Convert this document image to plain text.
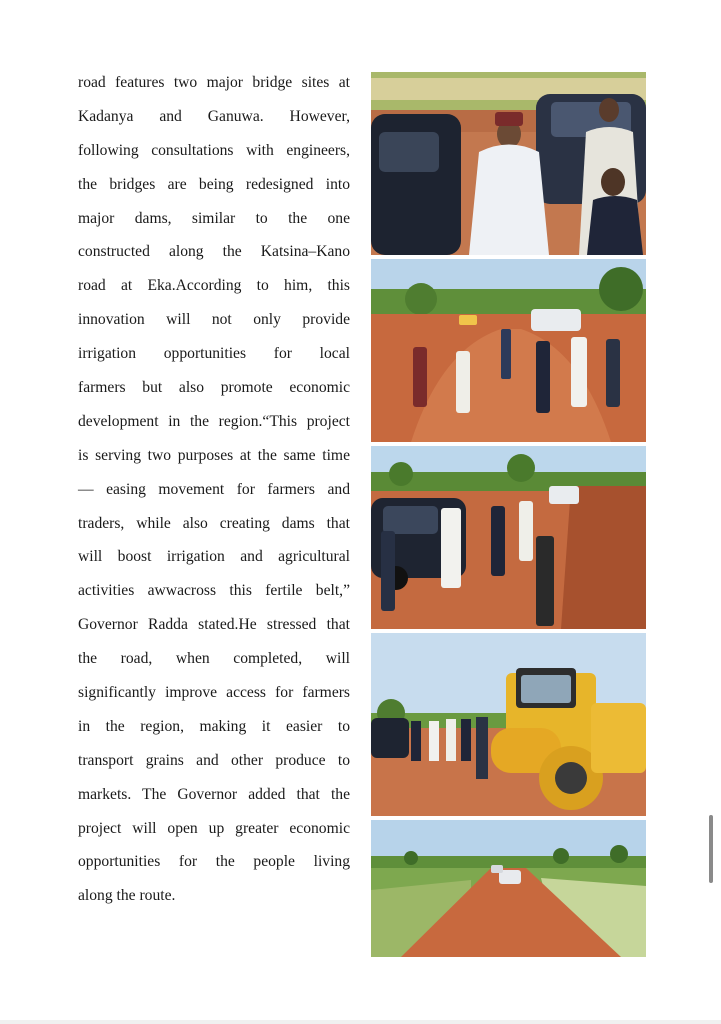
road features two major bridge sites at
Kadanya and Ganuwa. However,
following consultations with engineers,
the bridges are being redesigned into
major dams, similar to the one
constructed along the Katsina–Kano
road at Eka.According to him, this
innovation will not only provide
irrigation opportunities for local
farmers but also promote economic
development in the region.“This project
is serving two purposes at the same time
— easing movement for farmers and
traders, while also creating dams that
will boost irrigation and agricultural
activities awwacross this fertile belt,”
Governor Radda stated.He stressed that
the road, when completed, will
significantly improve access for farmers
in the region, making it easier to
transport grains and other produce to
markets. The Governor added that the
project will open up greater economic
opportunities for the people living
along the route.
